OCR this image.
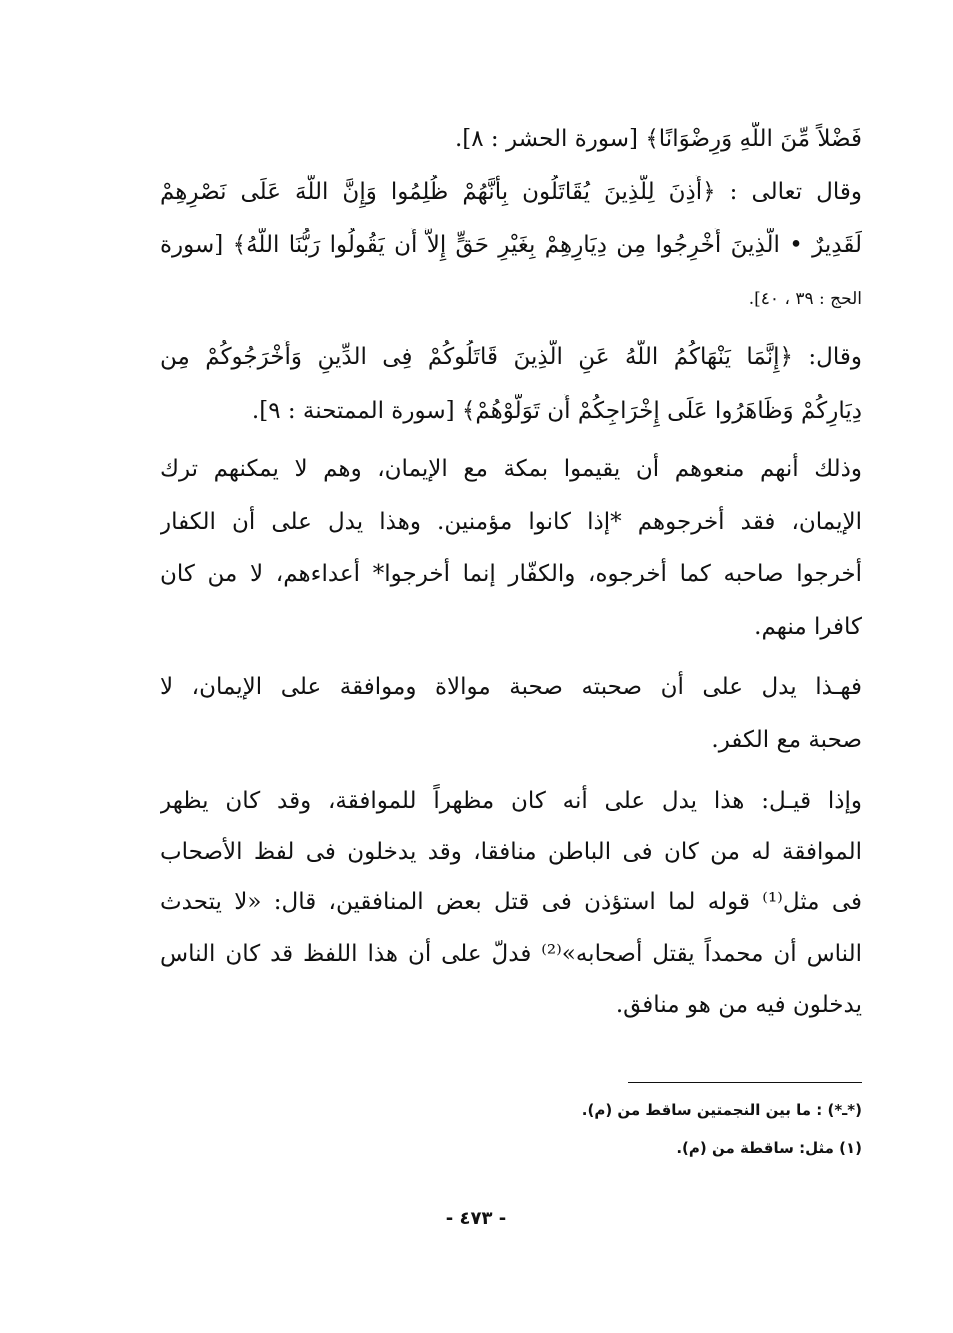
فَضْلاً مِّنَ اللَّهِ وَرِضْوَانًا﴾ [سورة الحشر : ٨].
وقال تعالى : ﴿أُذِنَ لِلَّذِينَ يُقَاتَلُون بِأَنَّهُمْ ظُلِمُوا وَإِنَّ اللَّهَ عَلَى نَصْرِهِمْ
لَقَدِيرٌ • الَّذِينَ أُخْرِجُوا مِن دِيَارِهِمْ بِغَيْرِ حَقٍّ إِلاَّ أَن يَقُولُوا رَبُّنَا اللَّهُ﴾ [سورة
الحج : ٣٩ ، ٤٠].
وقال: ﴿إِنَّمَا يَنْهَاكُمُ اللَّهُ عَنِ الَّذِينَ قَاتَلُوكُمْ فِى الدِّينِ وَأَخْرَجُوكُمْ مِن
دِيَارِكُمْ وَظَاهَرُوا عَلَى إِخْرَاجِكُمْ أَن تَوَلَّوْهُمْ﴾ [سورة الممتحنة : ٩].
وذلك أنهم منعوهم أن يقيموا بمكة مع الإيمان، وهم لا يمكنهم ترك
الإيمان، فقد أخرجوهم *إذا كانوا مؤمنين. وهذا يدل على أن الكفار
أخرجوا صاحبه كما أخرجوه، والكفّار إنما أخرجوا* أعداءهم، لا من كان
كافرا منهم.
فهـذا يدل على أن صحبته صحبة موالاة وموافقة على الإيمان، لا
صحبة مع الكفر.
وإذا قيـل: هذا يدل على أنه كان مظهراً للموافقة، وقد كان يظهر
الموافقة له من كان فى الباطن منافقا، وقد يدخلون فى لفظ الأصحاب
فى مثل⁽¹⁾ قوله لما استؤذن فى قتل بعض المنافقين، قال: «لا يتحدث
الناس أن محمداً يقتل أصحابه»⁽²⁾ فدلّ على أن هذا اللفظ قد كان الناس
يدخلون فيه من هو منافق.
(*ـ*) : ما بين النجمتين ساقط من (م).
(١) مثل: ساقطة من (م).
- ٤٧٣ -
